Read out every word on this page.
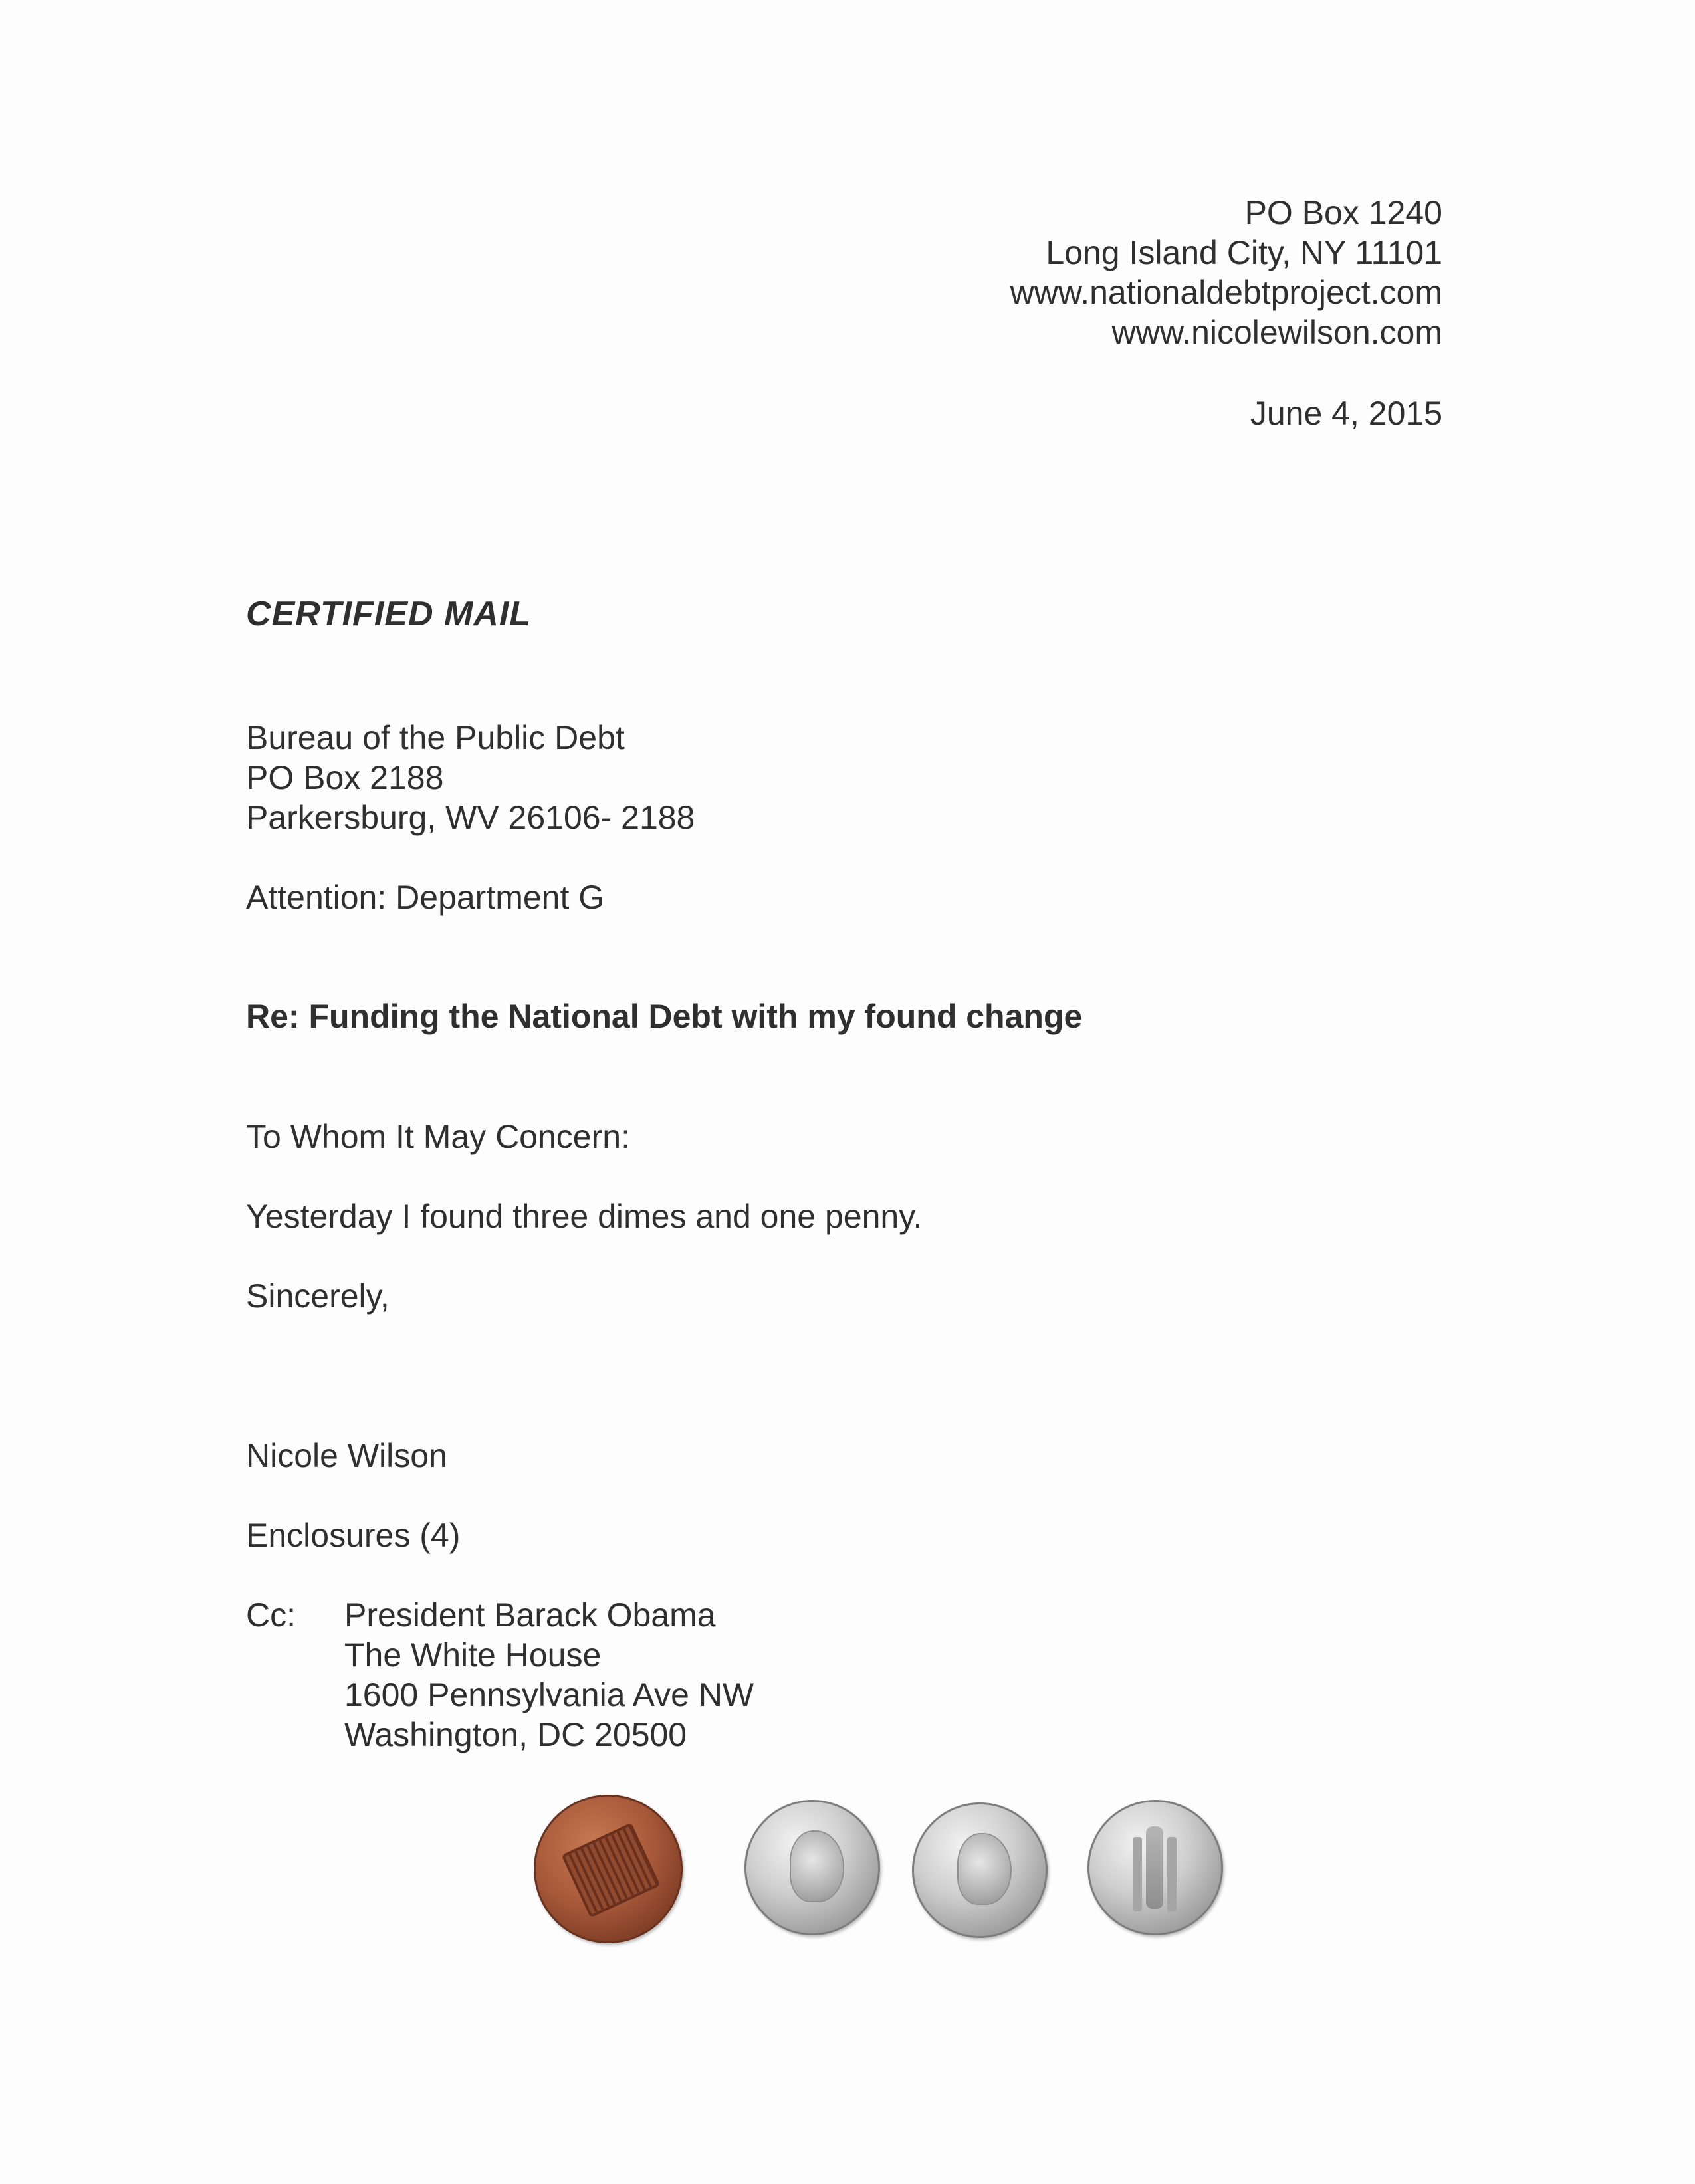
PO Box 1240
Long Island City, NY 11101
www.nationaldebtproject.com
www.nicolewilson.com
June 4, 2015
CERTIFIED MAIL
Bureau of the Public Debt
PO Box 2188
Parkersburg, WV 26106- 2188
Attention: Department G
Re: Funding the National Debt with my found change
To Whom It May Concern:
Yesterday I found three dimes and one penny.
Sincerely,
Nicole Wilson
Enclosures (4)
Cc: President Barack Obama
The White House
1600 Pennsylvania Ave NW
Washington, DC 20500
